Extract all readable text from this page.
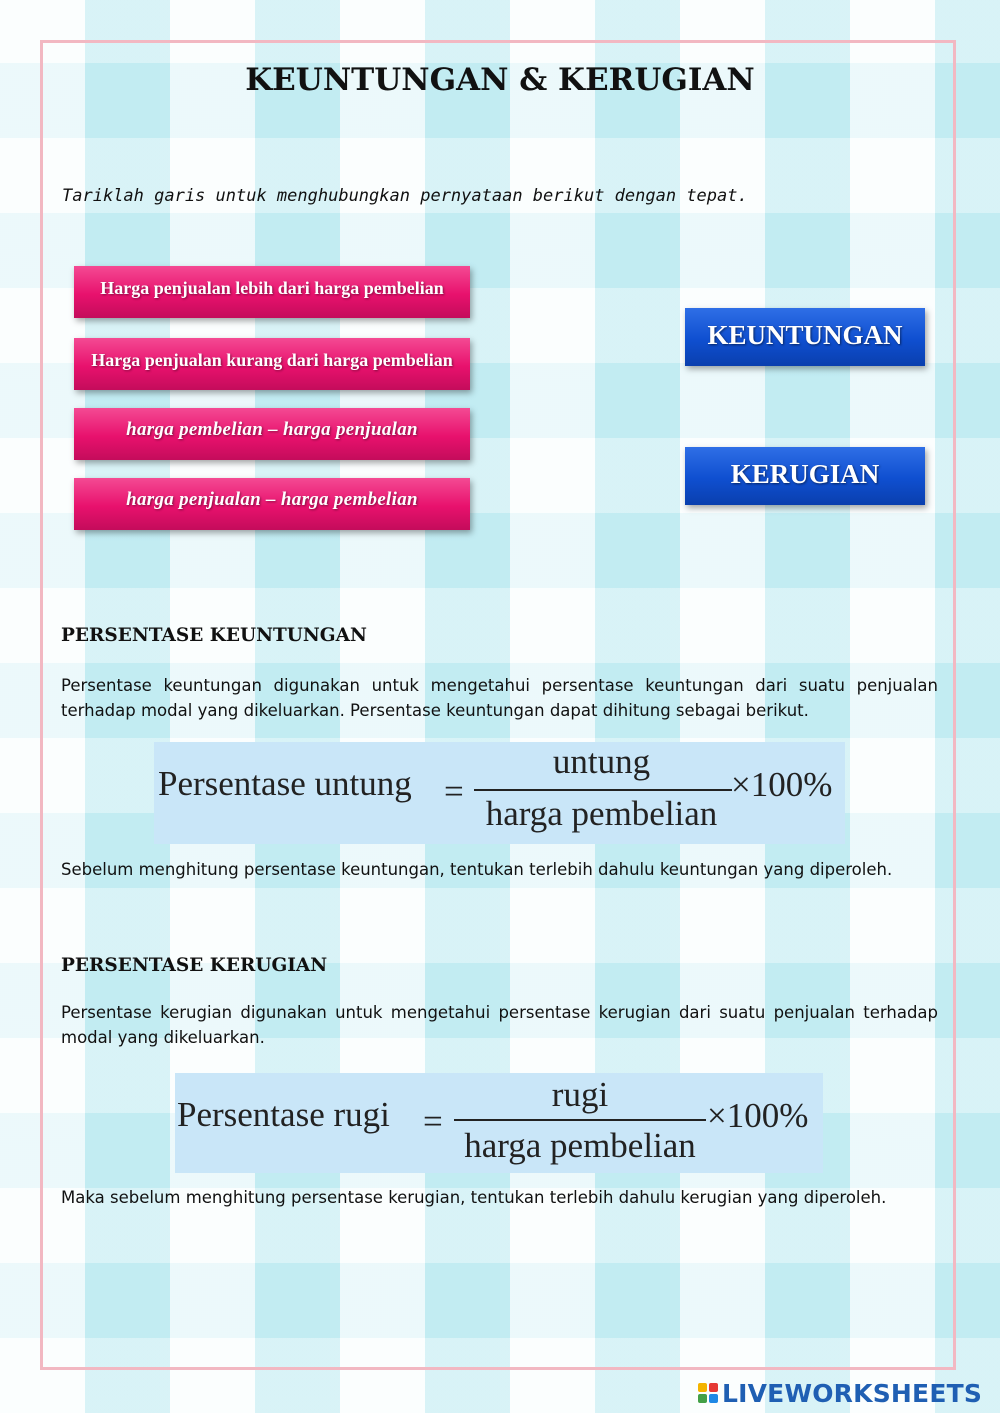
KEUNTUNGAN & KERUGIAN
Tariklah garis untuk menghubungkan pernyataan berikut dengan tepat.
Harga penjualan lebih dari harga pembelian
Harga penjualan kurang dari harga pembelian
harga pembelian – harga penjualan
harga penjualan – harga pembelian
KEUNTUNGAN
KERUGIAN
PERSENTASE KEUNTUNGAN

Persentase keuntungan digunakan untuk mengetahui persentase keuntungan dari suatu penjualan terhadap modal yang dikeluarkan. Persentase keuntungan dapat dihitung sebagai berikut.

Persentase untung =
untung
harga pembelian
×100%

Sebelum menghitung persentase keuntungan, tentukan terlebih dahulu keuntungan yang diperoleh.

PERSENTASE KERUGIAN

Persentase kerugian digunakan untuk mengetahui persentase kerugian dari suatu penjualan terhadap modal yang dikeluarkan.

Persentase rugi =
rugi
harga pembelian
×100%

Maka sebelum menghitung persentase kerugian, tentukan terlebih dahulu kerugian yang diperoleh.

LIVEWORKSHEETS
